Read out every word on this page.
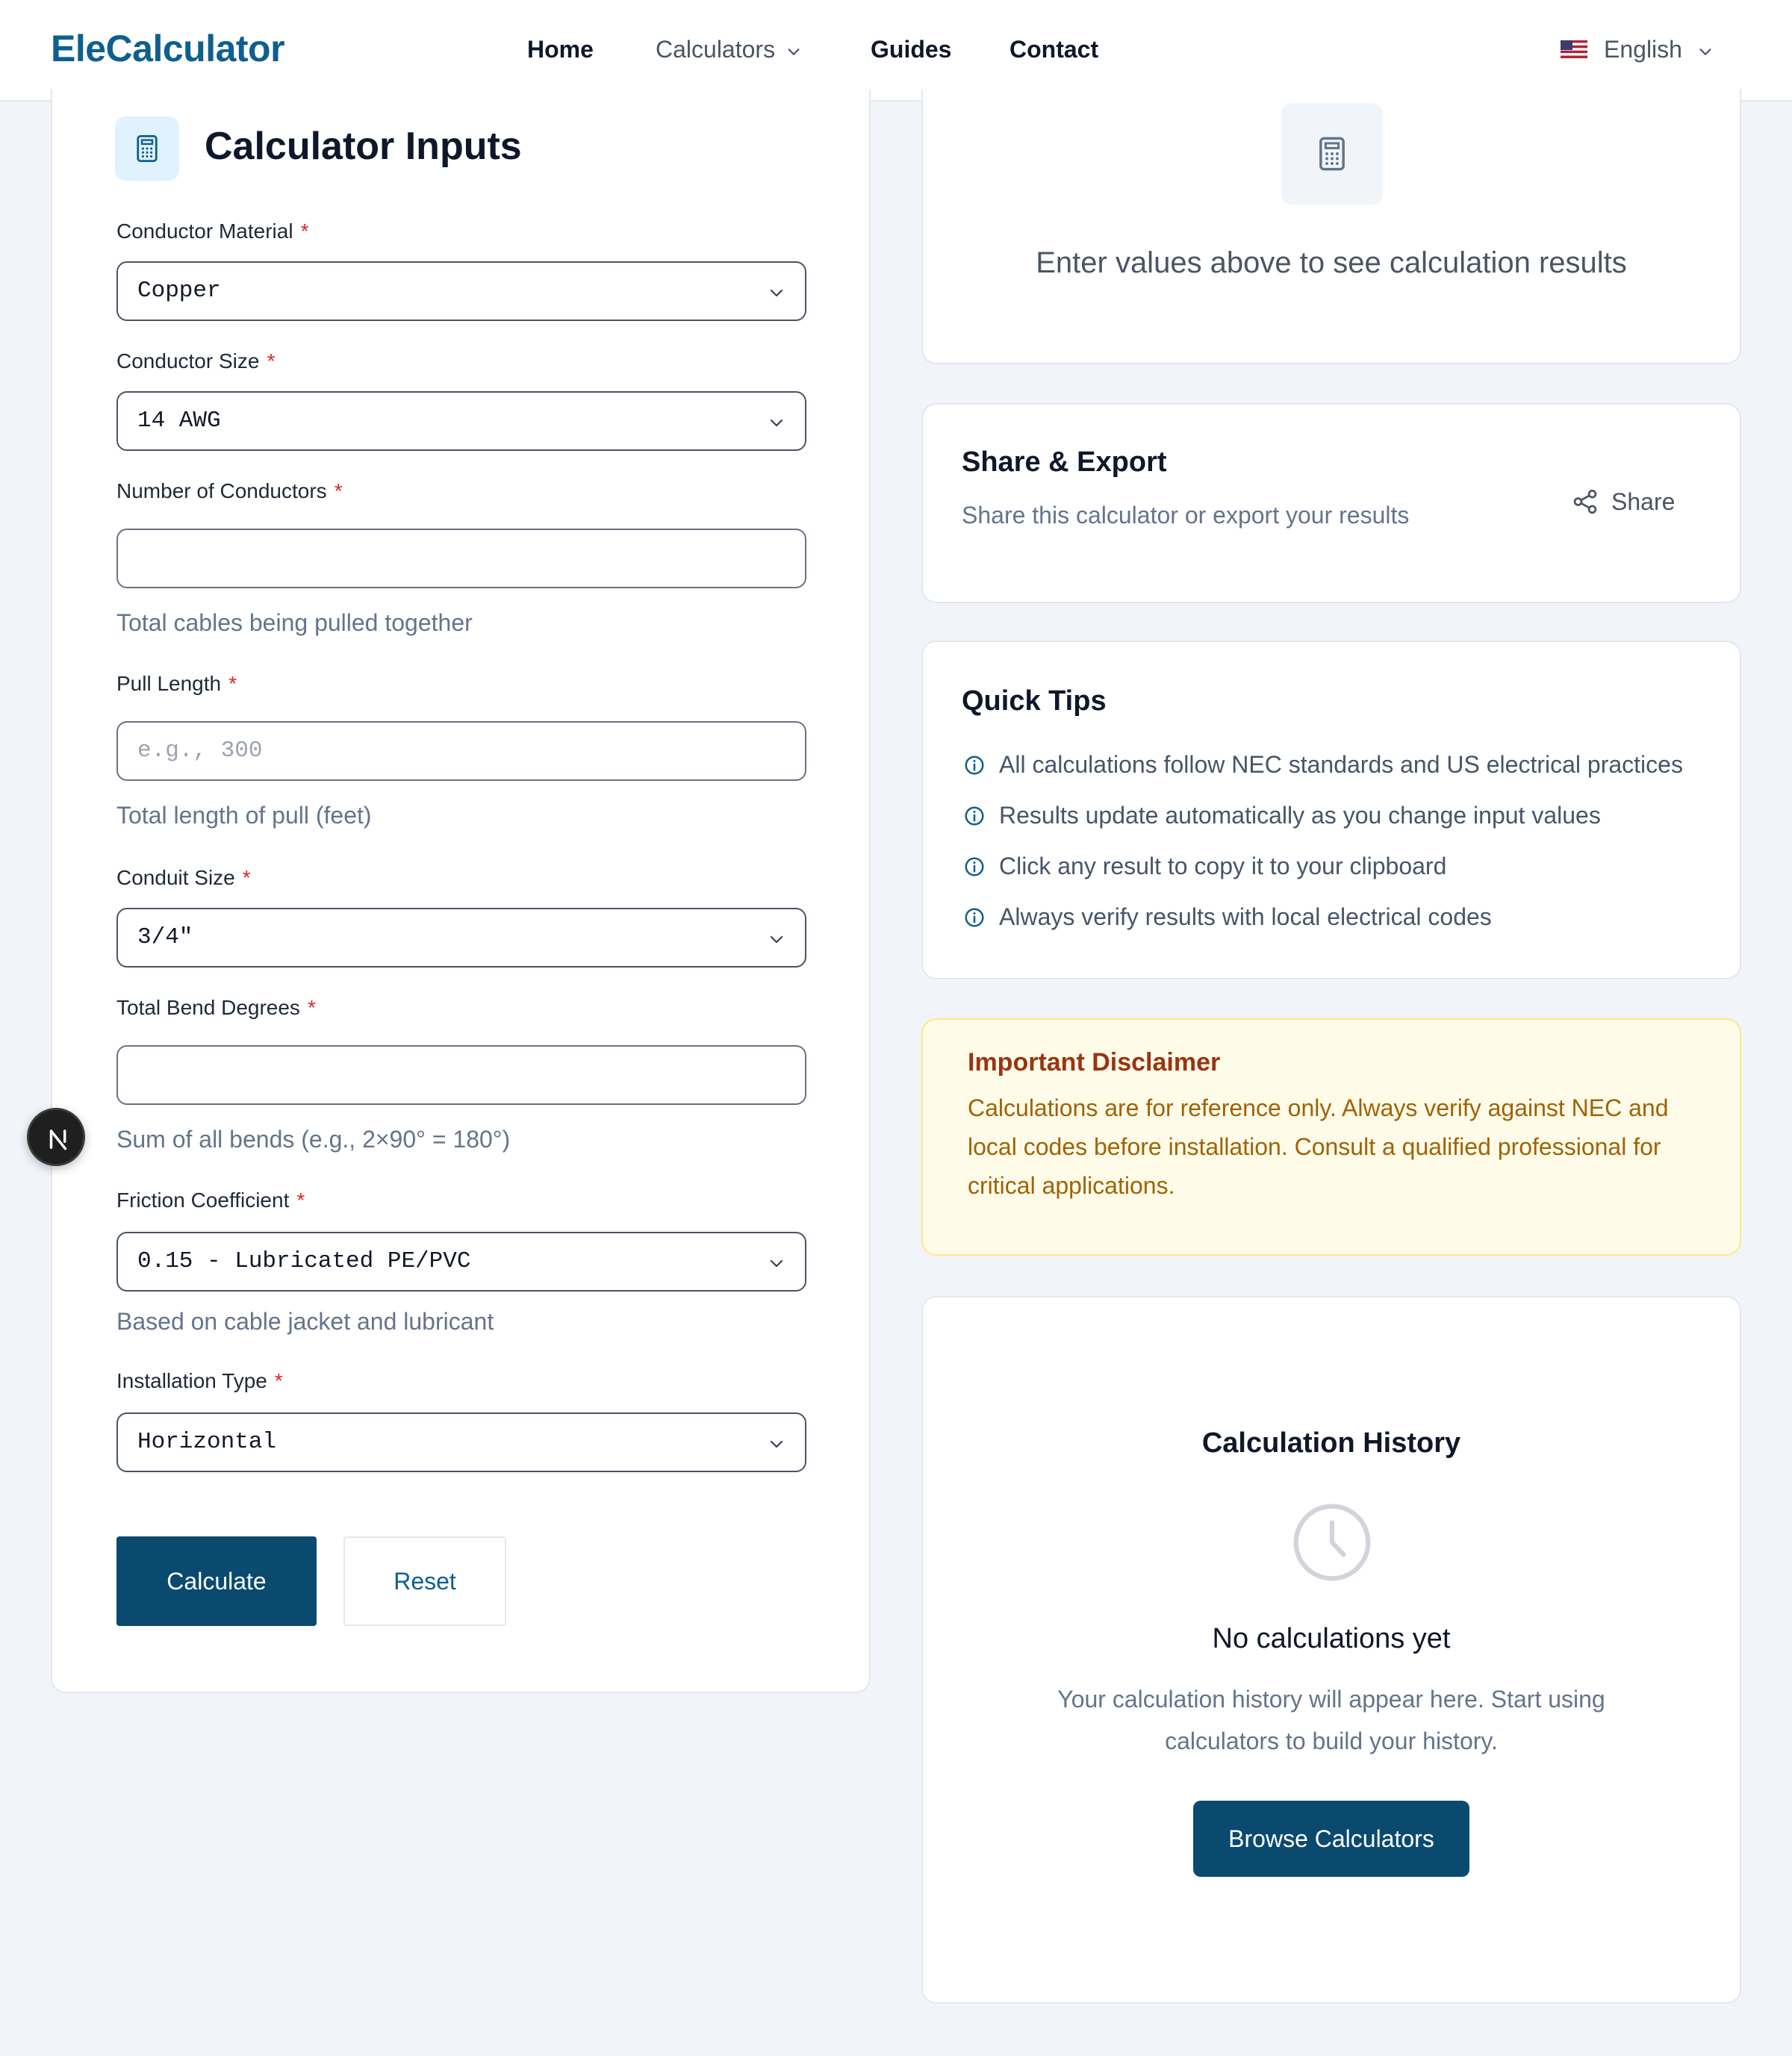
EleCalculator	Home	Calculators	Guides Contact	English
Calculator Inputs
Conductor Material *
Copper
Conductor Size *
14 AWG
Number of Conductors *
Total cables being pulled together
Pull Length *
e.g., 300
Total length of pull (feet)
Conduit Size *
3/4"
Total Bend Degrees *
Sum of all bends (e.g., 2×90° = 180°)
Friction Coefficient *
0.15 - Lubricated PE/PVC
Based on cable jacket and lubricant
Installation Type *
Horizontal
Calculate	Reset
Enter values above to see calculation results
Share & Export
Share this calculator or export your results	Share
Quick Tips
All calculations follow NEC standards and US electrical practices
Results update automatically as you change input values
Click any result to copy it to your clipboard
Always verify results with local electrical codes
Important Disclaimer
Calculations are for reference only. Always verify against NEC and local codes before installation. Consult a qualified professional for critical applications.
Calculation History
No calculations yet
Your calculation history will appear here. Start using calculators to build your history.
Browse Calculators
